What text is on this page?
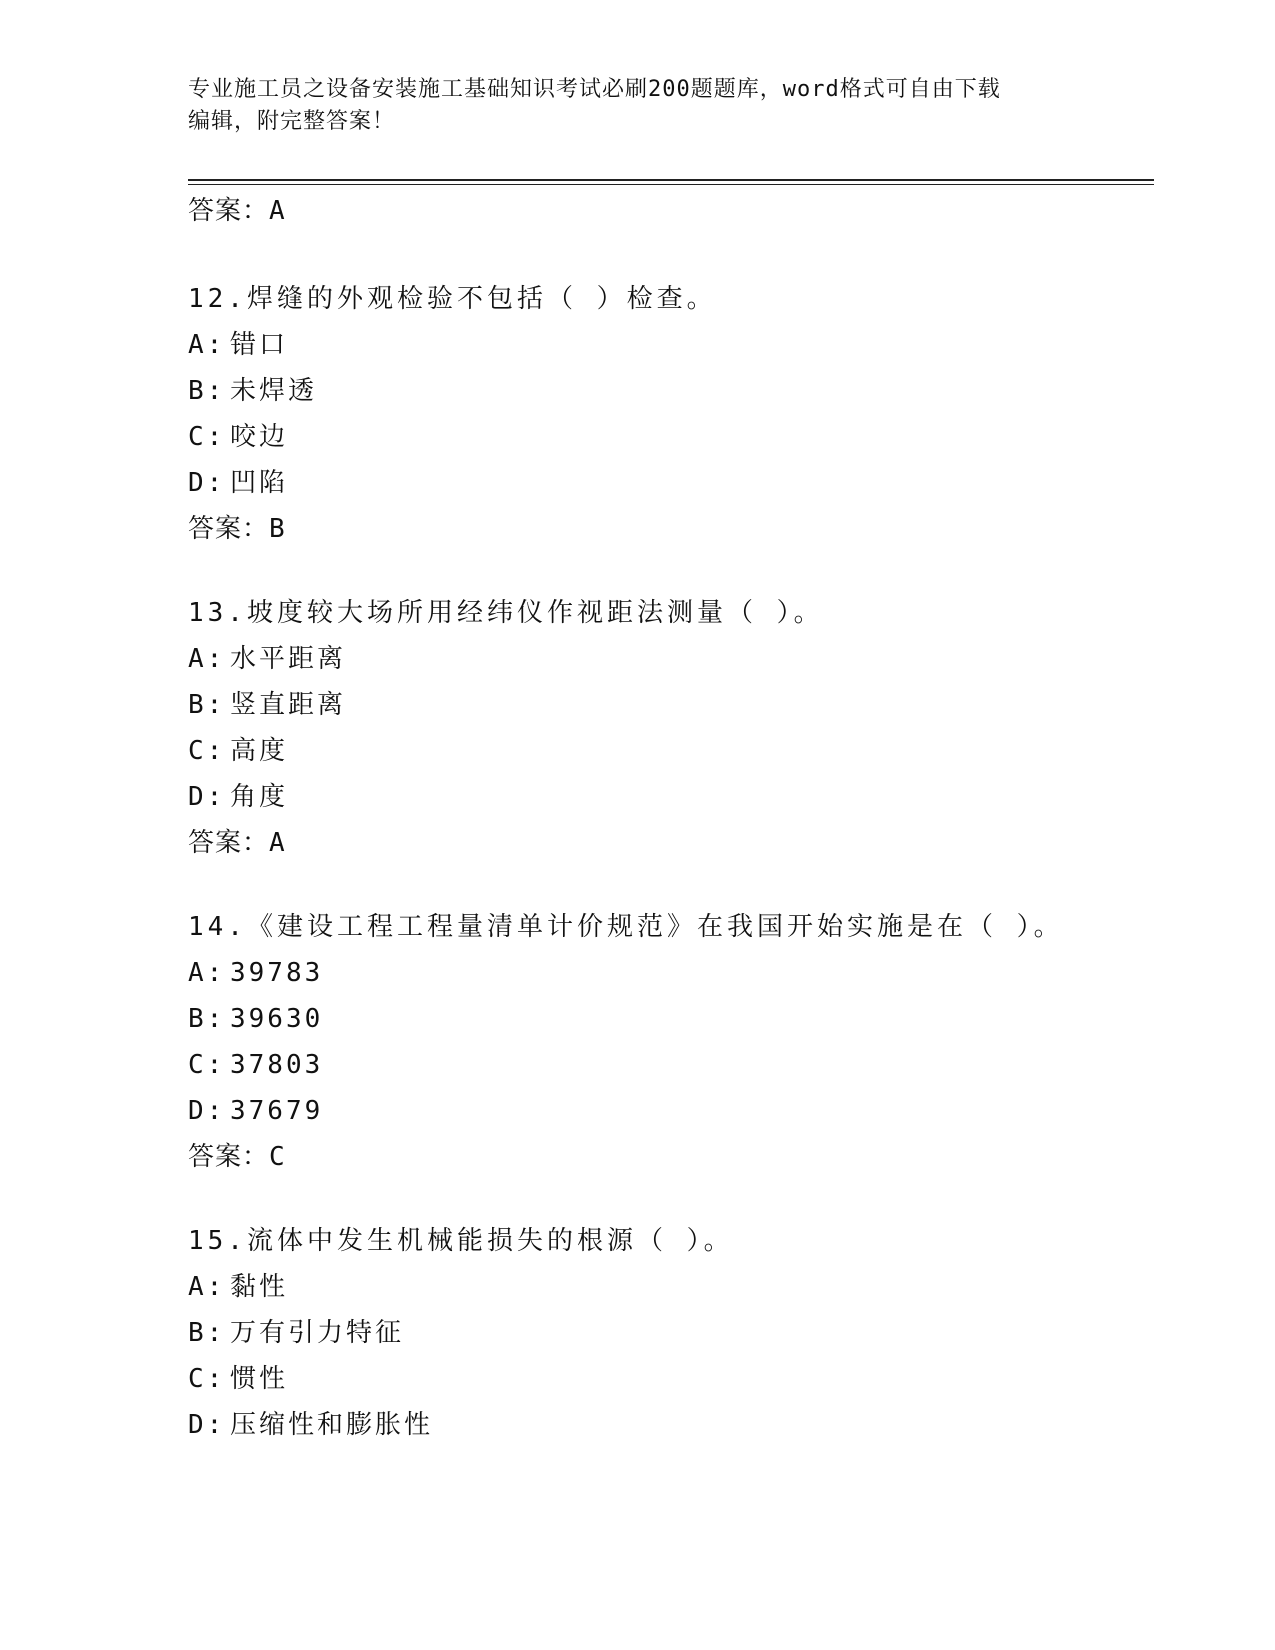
专业施工员之设备安装施工基础知识考试必刷200题题库，word格式可自由下载
编辑，附完整答案！
答案：A
12.焊缝的外观检验不包括（ ）检查。
A: 错口
B: 未焊透
C: 咬边
D: 凹陷
答案：B
13.坡度较大场所用经纬仪作视距法测量（ ）。
A: 水平距离
B: 竖直距离
C: 高度
D: 角度
答案：A
14.《建设工程工程量清单计价规范》在我国开始实施是在（ ）。
A: 39783
B: 39630
C: 37803
D: 37679
答案：C
15.流体中发生机械能损失的根源（ ）。
A: 黏性
B: 万有引力特征
C: 惯性
D: 压缩性和膨胀性
